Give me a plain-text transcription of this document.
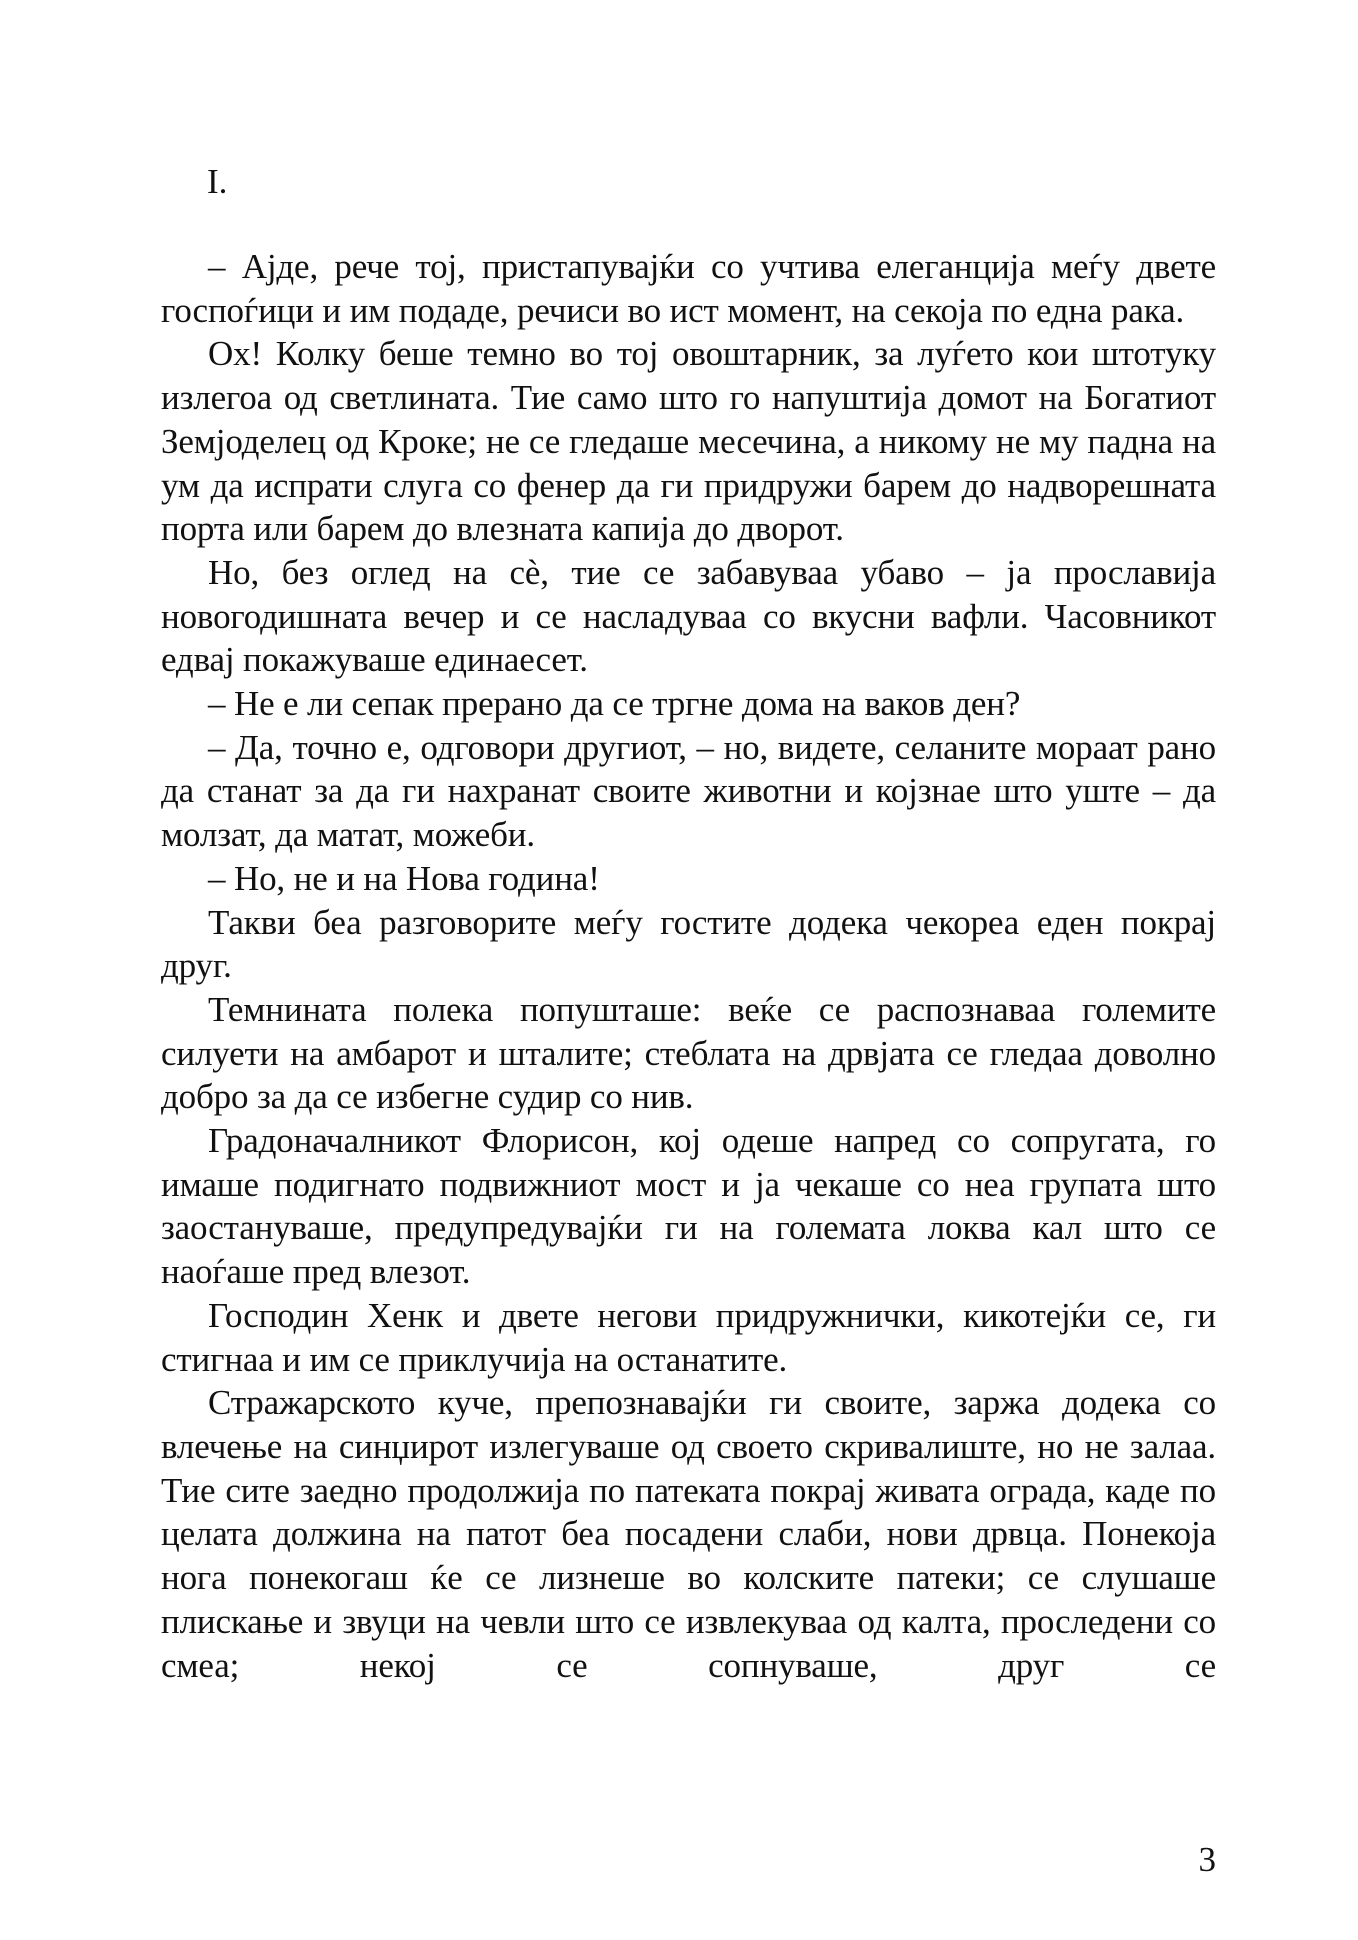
I.

– Ајде, рече тој, пристапувајќи со учтива елеганција меѓу двете госпоѓици и им подаде, речиси во ист момент, на секоја по една рака.

Ох! Колку беше темно во тој овоштарник, за луѓето кои штотуку излегоа од светлината. Тие само што го напуштија домот на Богатиот Земјоделец од Кроке; не се гледаше месечина, а никому не му падна на ум да испрати слуга со фенер да ги придружи барем до надворешната порта или барем до влезната капија до дворот.

Но, без оглед на сè, тие се забавуваа убаво – ја прославија новогодишната вечер и се насладуваа со вкусни вафли. Часовникот едвај покажуваше единаесет.

– Не е ли сепак прерано да се тргне дома на ваков ден?

– Да, точно е, одговори другиот, – но, видете, селаните мораат рано да станат за да ги нахранат своите животни и којзнае што уште – да молзат, да матат, можеби.

– Но, не и на Нова година!

Такви беа разговорите меѓу гостите додека чекореа еден покрај друг.

Темнината полека попушташе: веќе се распознаваа големите силуети на амбарот и шталите; стеблата на дрвјата се гледаа доволно добро за да се избегне судир со нив.

Градоначалникот Флорисон, кој одеше напред со сопругата, го имаше подигнато подвижниот мост и ја чекаше со неа групата што заостануваше, предупредувајќи ги на големата локва кал што се наоѓаше пред влезот.

Господин Хенк и двете негови придружнички, кикотејќи се, ги стигнаа и им се приклучија на останатите.

Стражарското куче, препознавајќи ги своите, заржа додека со влечење на синџирот излегуваше од своето скривалиште, но не залаа. Тие сите заедно продолжија по патеката покрај живата ограда, каде по целата должина на патот беа посадени слаби, нови дрвца. Понекоја нога понекогаш ќе се лизнеше во колските патеки; се слушаше плискање и звуци на чевли што се извлекуваа од калта, проследени со смеа; некој се сопнуваше, друг се

3
